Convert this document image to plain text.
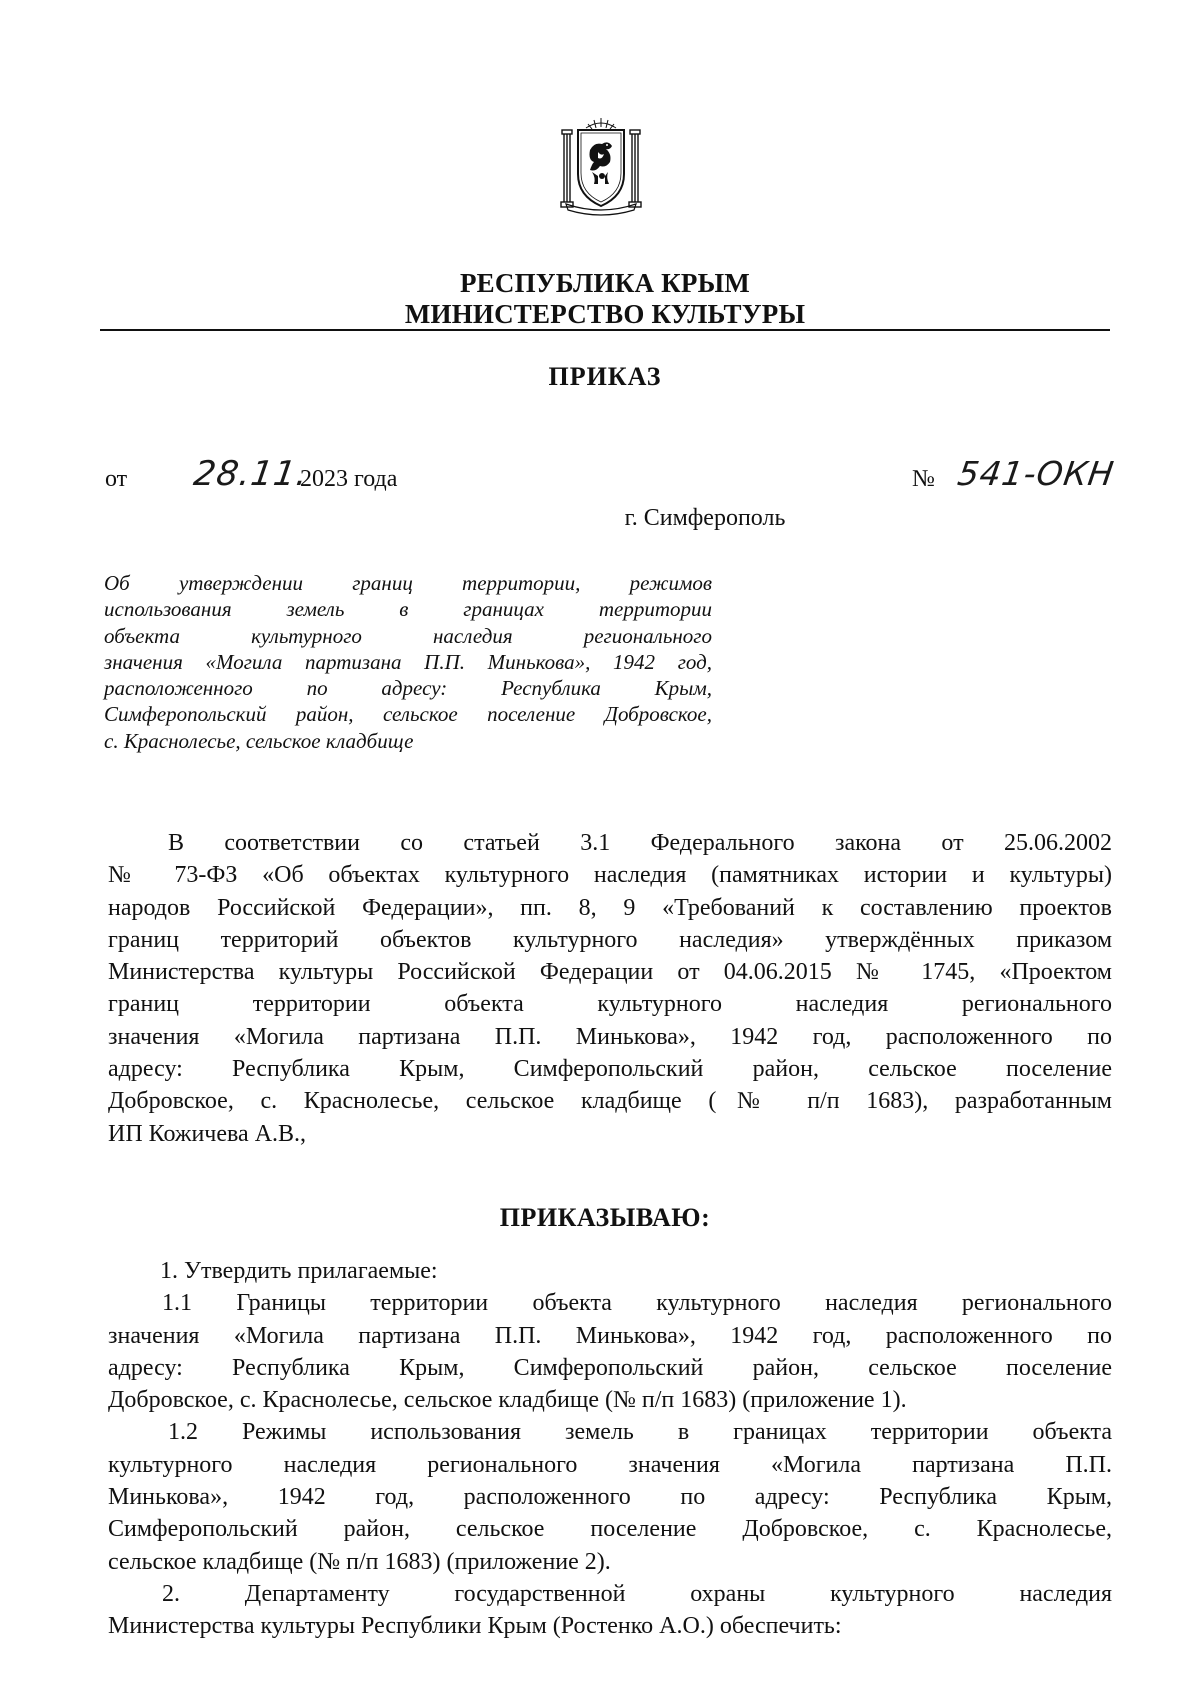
РЕСПУБЛИКА КРЫМ
МИНИСТЕРСТВО КУЛЬТУРЫ
ПРИКАЗ
от 28.11.
2023 года	№ 541-ОКН
г. Симферополь
Об утверждении границ территории, режимов
использования земель в границах территории
объекта культурного наследия регионального
значения «Могила партизана П.П. Минькова», 1942 год,
расположенного по адресу: Республика Крым,
Симферопольский район, сельское поселение Добровское,
с. Краснолесье, сельское кладбище
В соответствии со статьей 3.1 Федерального закона от 25.06.2002
№ 73-ФЗ «Об объектах культурного наследия (памятниках истории и культуры)
народов Российской Федерации», пп. 8, 9 «Требований к составлению проектов
границ территорий объектов культурного наследия» утверждённых приказом
Министерства культуры Российской Федерации от 04.06.2015 № 1745, «Проектом
границ территории объекта культурного наследия регионального
значения «Могила партизана П.П. Минькова», 1942 год, расположенного по
адресу: Республика Крым, Симферопольский район, сельское поселение
Добровское, с. Краснолесье, сельское кладбище (№ п/п 1683), разработанным
ИП Кожичева А.В.,
ПРИКАЗЫВАЮ:
1. Утвердить прилагаемые:
1.1 Границы территории объекта культурного наследия регионального
значения «Могила партизана П.П. Минькова», 1942 год, расположенного по
адресу: Республика Крым, Симферопольский район, сельское поселение
Добровское, с. Краснолесье, сельское кладбище (№ п/п 1683) (приложение 1).
1.2 Режимы использования земель в границах территории объекта
культурного наследия регионального значения «Могила партизана П.П.
Минькова», 1942 год, расположенного по адресу: Республика Крым,
Симферопольский район, сельское поселение Добровское, с. Краснолесье,
сельское кладбище (№ п/п 1683) (приложение 2).
2. Департаменту государственной охраны культурного наследия
Министерства культуры Республики Крым (Ростенко А.О.) обеспечить:
